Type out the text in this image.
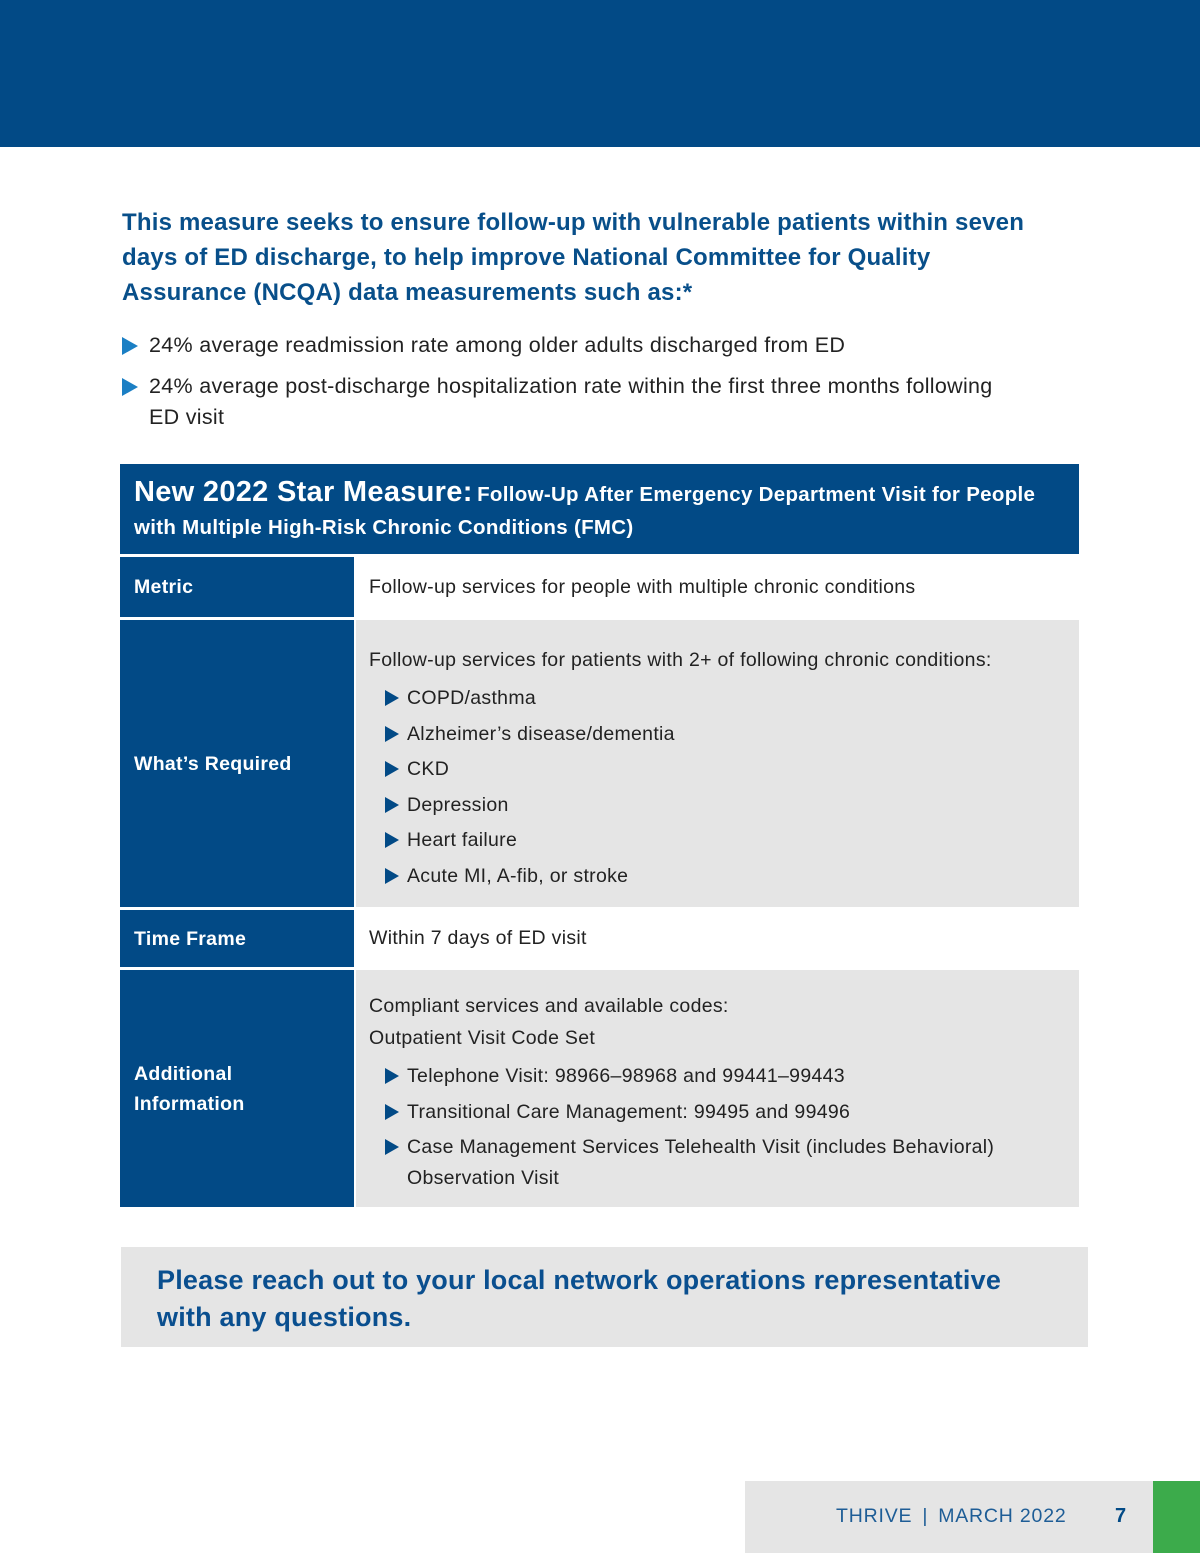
This measure seeks to ensure follow-up with vulnerable patients within seven days of ED discharge, to help improve National Committee for Quality Assurance (NCQA) data measurements such as:*

24% average readmission rate among older adults discharged from ED
24% average post-discharge hospitalization rate within the first three months following ED visit
New 2022 Star Measure: Follow-Up After Emergency Department Visit for People with Multiple High-Risk Chronic Conditions (FMC)
Metric	Follow-up services for people with multiple chronic conditions
What’s Required
Follow-up services for patients with 2+ of following chronic conditions:
COPD/asthma
Alzheimer’s disease/dementia
CKD
Depression
Heart failure
Acute MI, A-fib, or stroke
Time Frame	Within 7 days of ED visit
Additional Information
Compliant services and available codes:
Outpatient Visit Code Set
Telephone Visit: 98966–98968 and 99441–99443
Transitional Care Management: 99495 and 99496
Case Management Services Telehealth Visit (includes Behavioral) Observation Visit
Please reach out to your local network operations representative with any questions.
THRIVE | MARCH 2022 7
